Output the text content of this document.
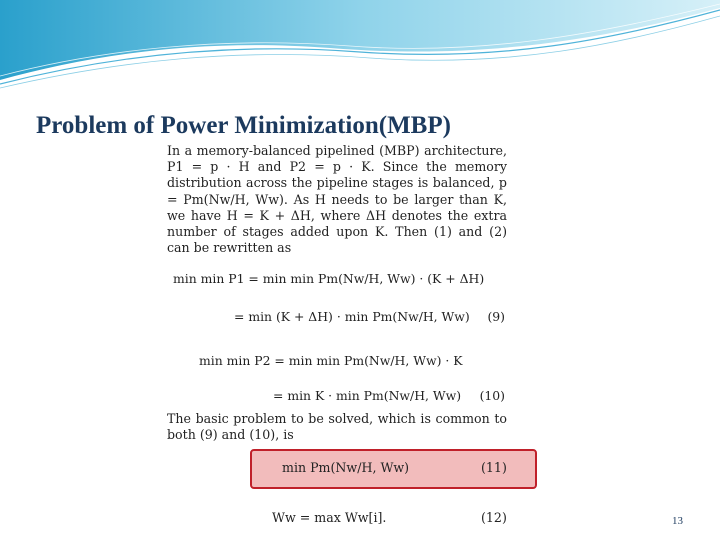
Problem of Power Minimization(MBP)
In a memory-balanced pipelined (MBP) architecture, P1 = p · H and P2 = p · K. Since the memory distribution across the pipeline stages is balanced, p = Pm(Nw/H, Ww). As H needs to be larger than K, we have H = K + ΔH, where ΔH denotes the extra number of stages added upon K. Then (1) and (2) can be rewritten as
min min P1 = min min Pm(Nw/H, Ww) · (K + ΔH)
= min (K + ΔH) · min Pm(Nw/H, Ww) (9)
min min P2 = min min Pm(Nw/H, Ww) · K
= min K · min Pm(Nw/H, Ww) (10)
The basic problem to be solved, which is common to both (9) and (10), is
min Pm(Nw/H, Ww)	(11)
Ww = max Ww[i].	(12)	13
